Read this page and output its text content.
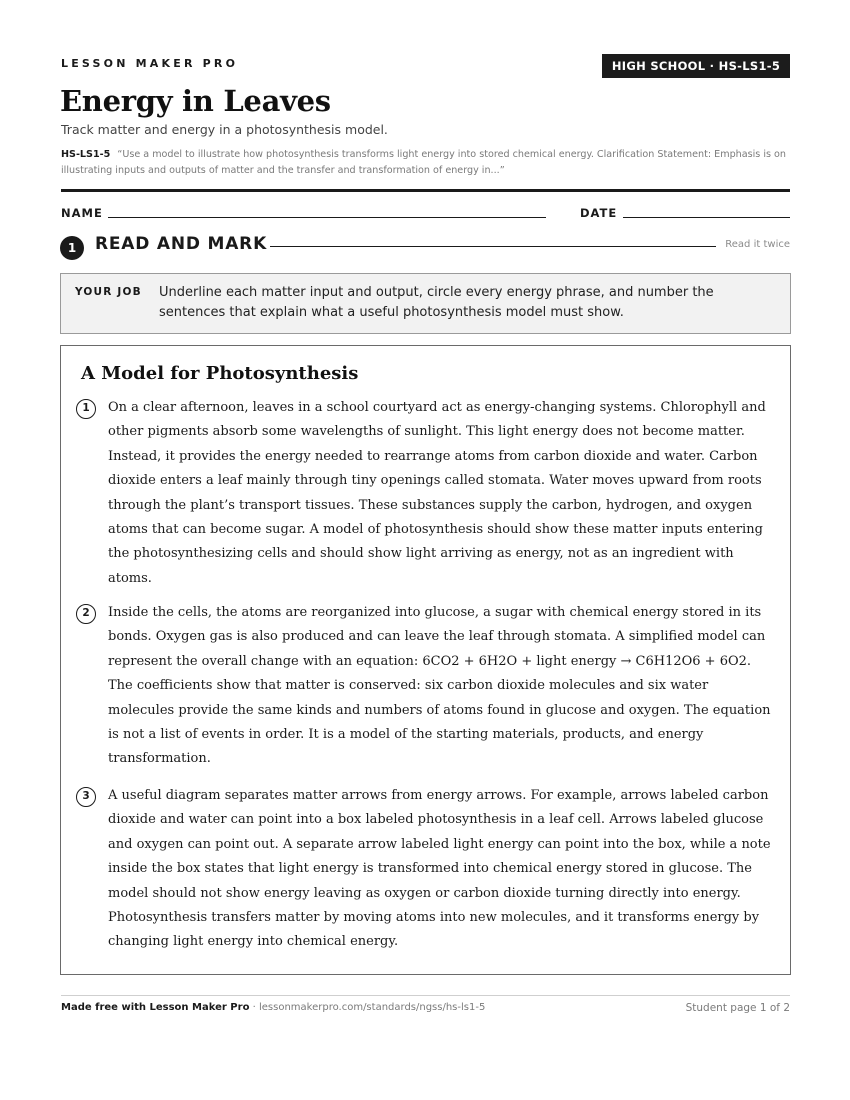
LESSON MAKER PRO	HIGH SCHOOL · HS-LS1-5
Energy in Leaves
Track matter and energy in a photosynthesis model.
HS-LS1-5 “Use a model to illustrate how photosynthesis transforms light energy into stored chemical energy. Clarification Statement: Emphasis is on illustrating inputs and outputs of matter and the transfer and transformation of energy in...”
NAME	DATE
1	READ AND MARK	Read it twice
YOUR JOB Underline each matter input and output, circle every energy phrase, and number the sentences that explain what a useful photosynthesis model must show.
A Model for Photosynthesis
1	On a clear afternoon, leaves in a school courtyard act as energy-changing systems. Chlorophyll and other pigments absorb some wavelengths of sunlight. This light energy does not become matter. Instead, it provides the energy needed to rearrange atoms from carbon dioxide and water. Carbon dioxide enters a leaf mainly through tiny openings called stomata. Water moves upward from roots through the plant’s transport tissues. These substances supply the carbon, hydrogen, and oxygen atoms that can become sugar. A model of photosynthesis should show these matter inputs entering the photosynthesizing cells and should show light arriving as energy, not as an ingredient with atoms.

2	Inside the cells, the atoms are reorganized into glucose, a sugar with chemical energy stored in its bonds. Oxygen gas is also produced and can leave the leaf through stomata. A simplified model can represent the overall change with an equation: 6CO2 + 6H2O + light energy → C6H12O6 + 6O2. The coefficients show that matter is conserved: six carbon dioxide molecules and six water molecules provide the same kinds and numbers of atoms found in glucose and oxygen. The equation is not a list of events in order. It is a model of the starting materials, products, and energy transformation.

3	A useful diagram separates matter arrows from energy arrows. For example, arrows labeled carbon dioxide and water can point into a box labeled photosynthesis in a leaf cell. Arrows labeled glucose and oxygen can point out. A separate arrow labeled light energy can point into the box, while a note inside the box states that light energy is transformed into chemical energy stored in glucose. The model should not show energy leaving as oxygen or carbon dioxide turning directly into energy. Photosynthesis transfers matter by moving atoms into new molecules, and it transforms energy by changing light energy into chemical energy.

Made free with Lesson Maker Pro · lessonmakerpro.com/standards/ngss/hs-ls1-5	Student page 1 of 2
